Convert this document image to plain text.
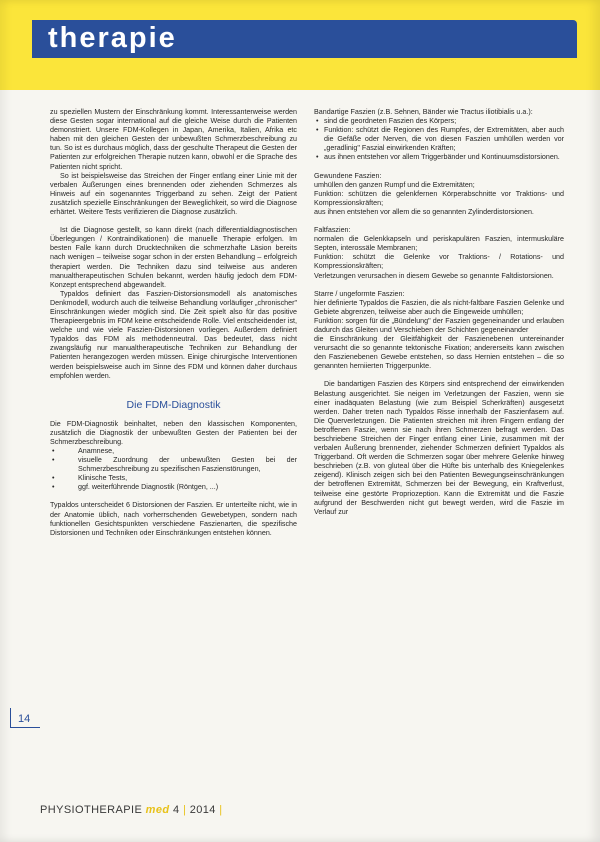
therapie

zu speziellen Mustern der Einschränkung kommt. Interessanterweise werden diese Gesten sogar international auf die gleiche Weise durch die Patienten demonstriert. Unsere FDM-Kollegen in Japan, Amerika, Italien, Afrika etc haben mit den gleichen Gesten der unbewußten Schmerzbeschreibung zu tun. So ist es durchaus möglich, dass der geschulte Therapeut die Gesten der Patienten zur erfolgreichen Therapie nutzen kann, obwohl er die Sprache des Patienten nicht spricht.

So ist beispielsweise das Streichen der Finger entlang einer Linie mit der verbalen Äußerungen eines brennenden oder ziehenden Schmerzes als Hinweis auf ein sogenanntes Triggerband zu sehen. Zeigt der Patient zusätzlich spezielle Einschränkungen der Beweglichkeit, so wird die Diagnose erhärtet. Weitere Tests verifizieren die Diagnose zusätzlich.

Ist die Diagnose gestellt, so kann direkt (nach differentialdiagnostischen Überlegungen / Kontraindikationen) die manuelle Therapie erfolgen. Im besten Falle kann durch Drucktechniken die schmerzhafte Läsion bereits nach wenigen – teilweise sogar schon in der ersten Behandlung – erfolgreich therapiert werden. Die Techniken dazu sind teilweise aus anderen manualtherapeutischen Schulen bekannt, werden häufig jedoch dem FDM-Konzept entsprechend abgewandelt.

Typaldos definiert das Faszien-Distorsionsmodell als anatomisches Denkmodell, wodurch auch die teilweise Behandlung vorläufiger „chronischer" Einschränkungen wieder möglich sind. Die Zeit spielt also für das positive Therapieergebnis im FDM keine entscheidende Rolle. Viel entscheidender ist, welche und wie viele Faszien-Distorsionen vorliegen. Außerdem definiert Typaldos das FDM als methodenneutral. Das bedeutet, dass nicht zwangsläufig nur manualtherapeutische Techniken zur Behandlung der Patienten herangezogen werden müssen. Einige chirurgische Interventionen werden beispielsweise auch im Sinne des FDM und können daher durchaus empfohlen werden.

Die FDM-Diagnostik

Die FDM-Diagnostik beinhaltet, neben den klassischen Komponenten, zusätzlich die Diagnostik der unbewußten Gesten der Patienten bei der Schmerzbeschreibung.

• Anamnese,
• visuelle Zuordnung der unbewußten Gesten bei der Schmerzbeschreibung zu spezifischen Faszienstörungen,
• Klinische Tests,
• ggf. weiterführende Diagnostik (Röntgen, ...)

Typaldos unterscheidet 6 Distorsionen der Faszien. Er unterteilte nicht, wie in der Anatomie üblich, nach vorherrschenden Gewebetypen, sondern nach funktionellen Gesichtspunkten verschiedene Faszienarten, die spezifische Distorsionen und Techniken oder Einschränkungen entstehen können.

Bandartige Faszien (z.B. Sehnen, Bänder wie Tractus iliotibialis u.a.):

• sind die geordneten Faszien des Körpers;
• Funktion: schützt die Regionen des Rumpfes, der Extremitäten, aber auch die Gefäße oder Nerven, die von diesen Faszien umhüllen werden vor „geradlinig" Faszial einwirkenden Kräften;
• aus ihnen entstehen vor allem Triggerbänder und Kontinuumsdistorsionen.

Gewundene Faszien:

umhüllen den ganzen Rumpf und die Extremitäten;

Funktion: schützen die gelenkfernen Körperabschnitte vor Traktions- und Kompressionskräften;

aus ihnen entstehen vor allem die so genannten Zylinderdistorsionen.

Faltfaszien:

normalen die Gelenkkapseln und periskapulären Faszien, intermuskuläre Septen, interossäle Membranen;

Funktion: schützt die Gelenke vor Traktions- / Rotations- und Kompressionskräften;

Verletzungen verursachen in diesem Gewebe so genannte Faltdistorsionen.

Starre / ungeformte Faszien:

hier definierte Typaldos die Faszien, die als nicht-faltbare Faszien Gelenke und Gebiete abgrenzen, teilweise aber auch die Eingeweide umhüllen;

Funktion: sorgen für die „Bündelung" der Faszien gegeneinander und erlauben dadurch das Gleiten und Verschieben der Schichten gegeneinander

die Einschränkung der Gleitfähigkeit der Faszienebenen untereinander verursacht die so genannte tektonische Fixation; andererseits kann zwischen den Faszienebenen Gewebe entstehen, so dass Hernien entstehen – die so genannten herniierten Triggerpunkte.

Die bandartigen Faszien des Körpers sind entsprechend der einwirkenden Belastung ausgerichtet. Sie neigen im Verletzungen der Faszien, wenn sie einer inadäquaten Belastung (wie zum Beispiel Scherkräften) ausgesetzt werden. Daher treten nach Typaldos Risse innerhalb der Faszienfasern auf. Die Querverletzungen. Die Patienten streichen mit ihren Fingern entlang der betroffenen Faszie, wenn sie nach ihren Schmerzen befragt werden. Das beschriebene Streichen der Finger entlang einer Linie, zusammen mit der verbalen Äußerung brennender, ziehender Schmerzen definiert Typaldos als Triggerband. Oft werden die Schmerzen sogar über mehrere Gelenke hinweg beschrieben (z.B. von gluteal über die Hüfte bis unterhalb des Kniegelenkes zeigend). Klinisch zeigen sich bei den Patienten Bewegungseinschränkungen der betroffenen Extremität, Schmerzen bei der Bewegung, ein Kraftverlust, teilweise eine gestörte Propriozeption. Kann die Extremität und die Faszie aufgrund der Beschwerden nicht gut bewegt werden, wird die Faszie im Verlauf zur

14
PHYSIOTHERAPIE med 4 | 2014 |
